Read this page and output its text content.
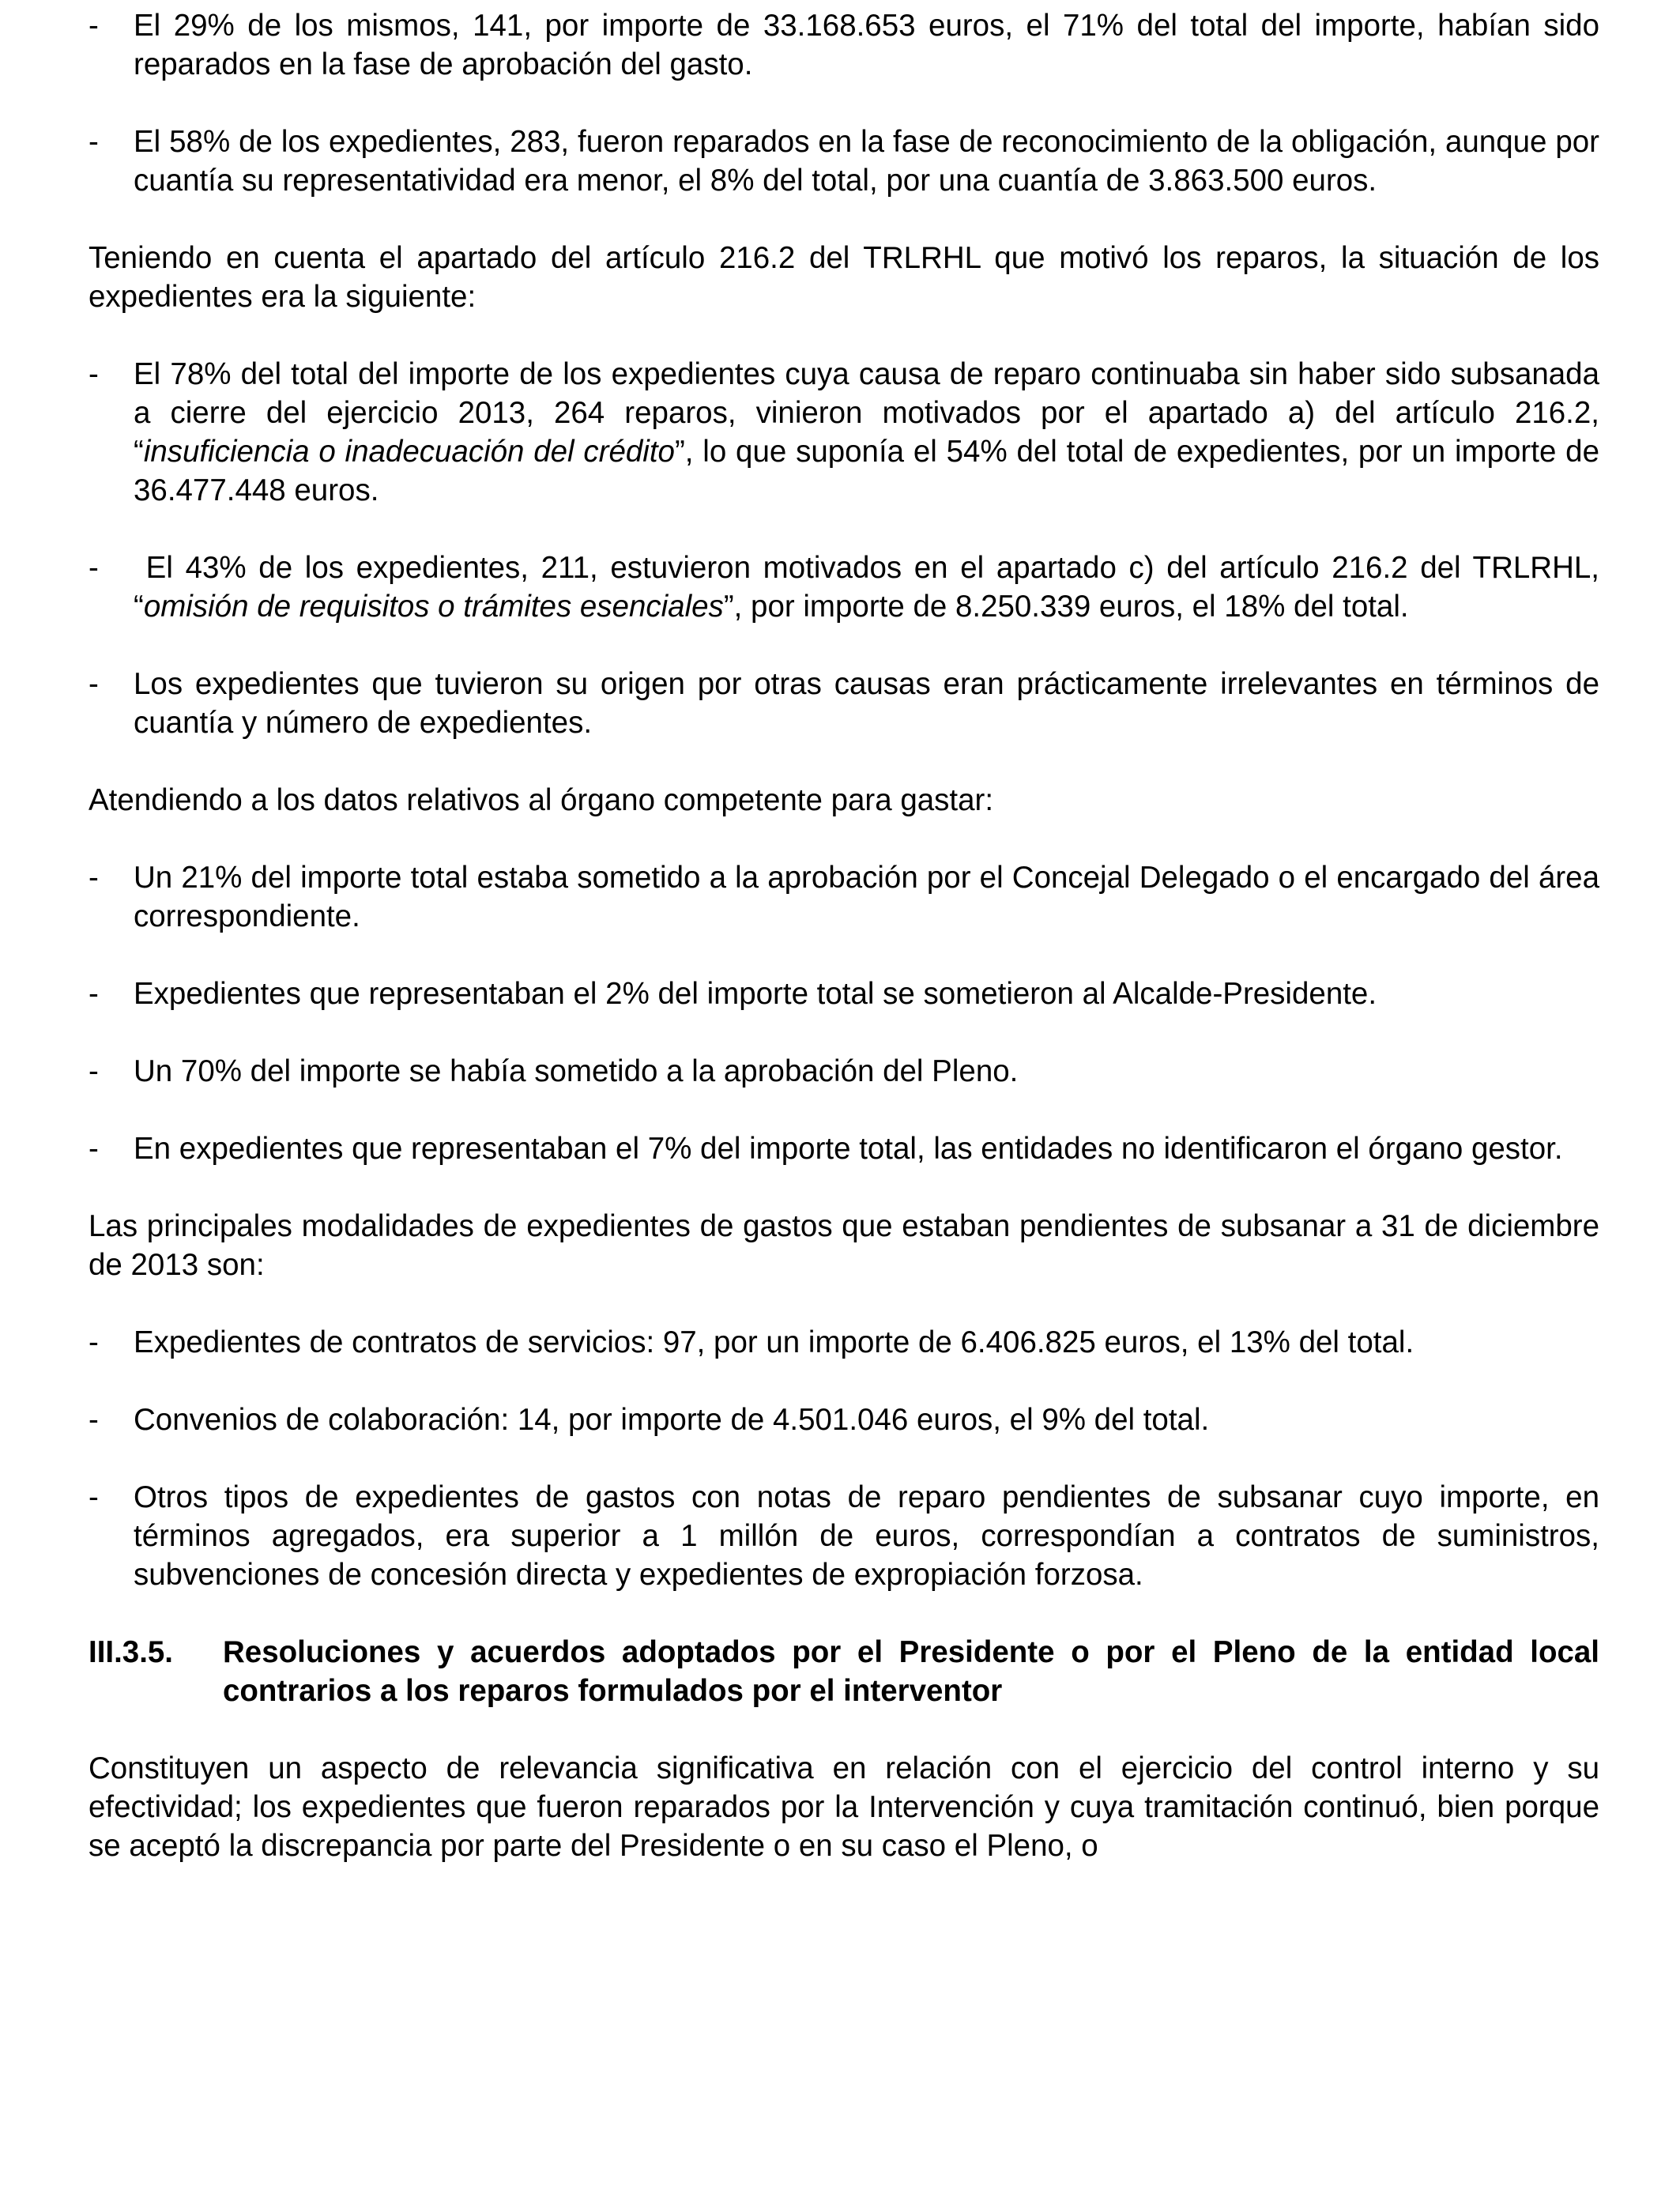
- El 29% de los mismos, 141, por importe de 33.168.653 euros, el 71% del total del importe, habían sido reparados en la fase de aprobación del gasto.
- El 58% de los expedientes, 283, fueron reparados en la fase de reconocimiento de la obligación, aunque por cuantía su representatividad era menor, el 8% del total, por una cuantía de 3.863.500 euros.

Teniendo en cuenta el apartado del artículo 216.2 del TRLRHL que motivó los reparos, la situación de los expedientes era la siguiente:

- El 78% del total del importe de los expedientes cuya causa de reparo continuaba sin haber sido subsanada a cierre del ejercicio 2013, 264 reparos, vinieron motivados por el apartado a) del artículo 216.2, “insuficiencia o inadecuación del crédito”, lo que suponía el 54% del total de expedientes, por un importe de 36.477.448 euros.
- El 43% de los expedientes, 211, estuvieron motivados en el apartado c) del artículo 216.2 del TRLRHL, “omisión de requisitos o trámites esenciales”, por importe de 8.250.339 euros, el 18% del total.
- Los expedientes que tuvieron su origen por otras causas eran prácticamente irrelevantes en términos de cuantía y número de expedientes.

Atendiendo a los datos relativos al órgano competente para gastar:

- Un 21% del importe total estaba sometido a la aprobación por el Concejal Delegado o el encargado del área correspondiente.
- Expedientes que representaban el 2% del importe total se sometieron al Alcalde-Presidente.
- Un 70% del importe se había sometido a la aprobación del Pleno.
- En expedientes que representaban el 7% del importe total, las entidades no identificaron el órgano gestor.

Las principales modalidades de expedientes de gastos que estaban pendientes de subsanar a 31 de diciembre de 2013 son:

- Expedientes de contratos de servicios: 97, por un importe de 6.406.825 euros, el 13% del total.
- Convenios de colaboración: 14, por importe de 4.501.046 euros, el 9% del total.
- Otros tipos de expedientes de gastos con notas de reparo pendientes de subsanar cuyo importe, en términos agregados, era superior a 1 millón de euros, correspondían a contratos de suministros, subvenciones de concesión directa y expedientes de expropiación forzosa.
III.3.5. Resoluciones y acuerdos adoptados por el Presidente o por el Pleno de la entidad local contrarios a los reparos formulados por el interventor

Constituyen un aspecto de relevancia significativa en relación con el ejercicio del control interno y su efectividad; los expedientes que fueron reparados por la Intervención y cuya tramitación continuó, bien porque se aceptó la discrepancia por parte del Presidente o en su caso el Pleno, o
